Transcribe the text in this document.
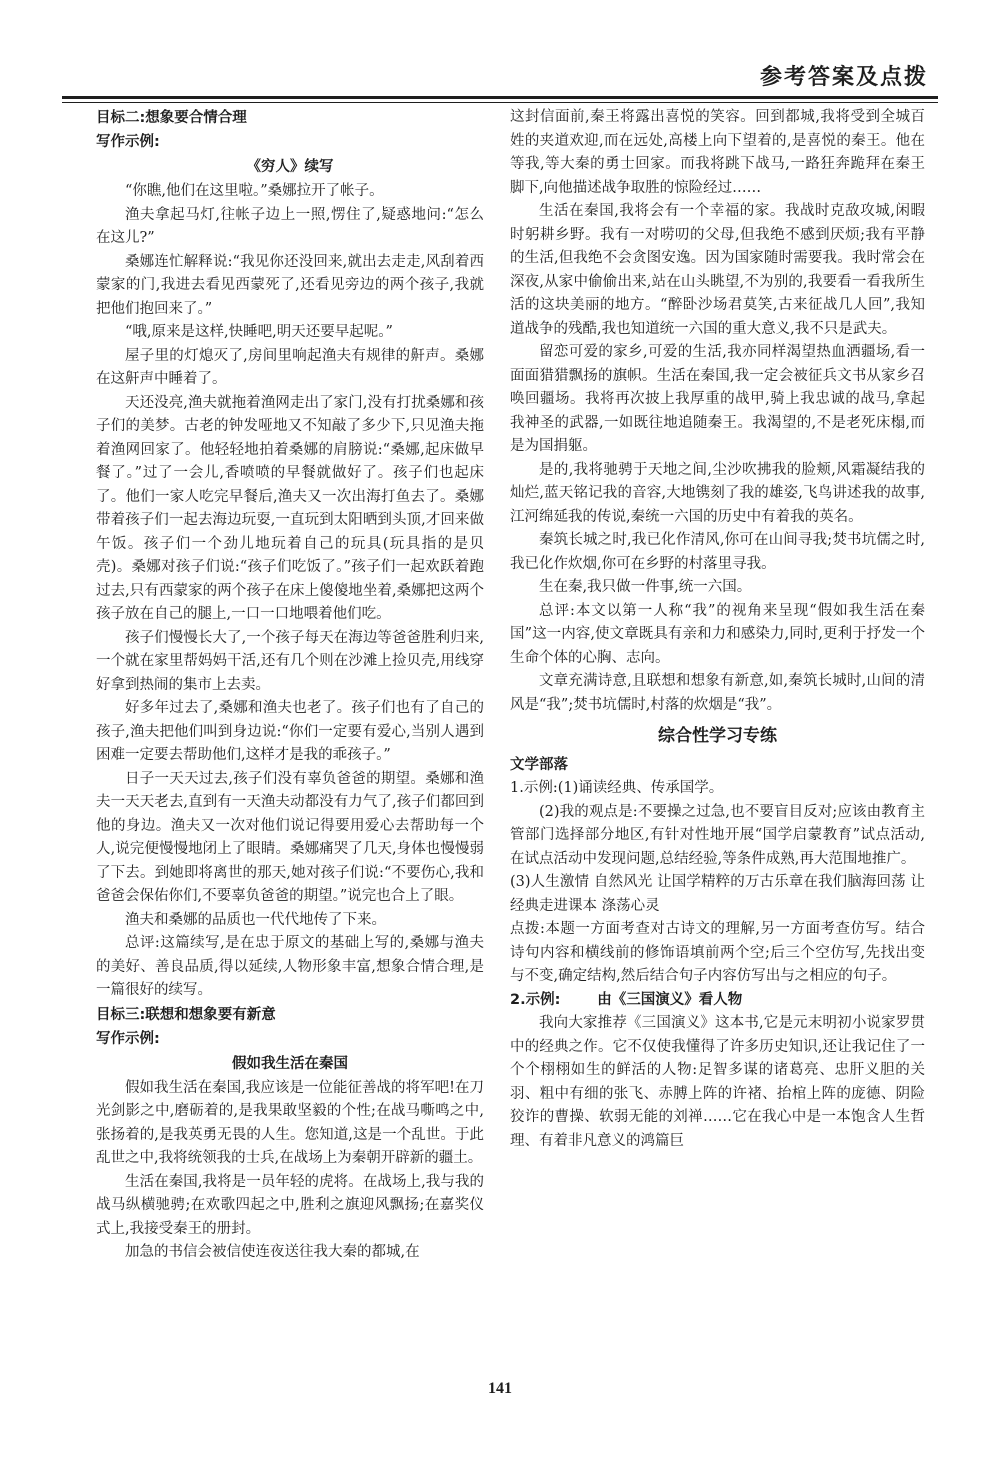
参考答案及点拨

目标二:想象要合情合理

写作示例:

《穷人》续写

“你瞧,他们在这里啦。”桑娜拉开了帐子。

渔夫拿起马灯,往帐子边上一照,愣住了,疑惑地问:“怎么在这儿?”

桑娜连忙解释说:“我见你还没回来,就出去走走,风刮着西蒙家的门,我进去看见西蒙死了,还看见旁边的两个孩子,我就把他们抱回来了。”

“哦,原来是这样,快睡吧,明天还要早起呢。”

屋子里的灯熄灭了,房间里响起渔夫有规律的鼾声。桑娜在这鼾声中睡着了。

天还没亮,渔夫就拖着渔网走出了家门,没有打扰桑娜和孩子们的美梦。古老的钟发哑地又不知敲了多少下,只见渔夫拖着渔网回家了。他轻轻地拍着桑娜的肩膀说:“桑娜,起床做早餐了。”过了一会儿,香喷喷的早餐就做好了。孩子们也起床了。他们一家人吃完早餐后,渔夫又一次出海打鱼去了。桑娜带着孩子们一起去海边玩耍,一直玩到太阳晒到头顶,才回来做午饭。孩子们一个劲儿地玩着自己的玩具(玩具指的是贝壳)。桑娜对孩子们说:“孩子们吃饭了。”孩子们一起欢跃着跑过去,只有西蒙家的两个孩子在床上傻傻地坐着,桑娜把这两个孩子放在自己的腿上,一口一口地喂着他们吃。

孩子们慢慢长大了,一个孩子每天在海边等爸爸胜利归来,一个就在家里帮妈妈干活,还有几个则在沙滩上捡贝壳,用线穿好拿到热闹的集市上去卖。

好多年过去了,桑娜和渔夫也老了。孩子们也有了自己的孩子,渔夫把他们叫到身边说:“你们一定要有爱心,当别人遇到困难一定要去帮助他们,这样才是我的乖孩子。”

日子一天天过去,孩子们没有辜负爸爸的期望。桑娜和渔夫一天天老去,直到有一天渔夫动都没有力气了,孩子们都回到他的身边。渔夫又一次对他们说记得要用爱心去帮助每一个人,说完便慢慢地闭上了眼睛。桑娜痛哭了几天,身体也慢慢弱了下去。到她即将离世的那天,她对孩子们说:“不要伤心,我和爸爸会保佑你们,不要辜负爸爸的期望。”说完也合上了眼。

渔夫和桑娜的品质也一代代地传了下来。

总评:这篇续写,是在忠于原文的基础上写的,桑娜与渔夫的美好、善良品质,得以延续,人物形象丰富,想象合情合理,是一篇很好的续写。

目标三:联想和想象要有新意

写作示例:

假如我生活在秦国

假如我生活在秦国,我应该是一位能征善战的将军吧!在刀光剑影之中,磨砺着的,是我果敢坚毅的个性;在战马嘶鸣之中,张扬着的,是我英勇无畏的人生。您知道,这是一个乱世。于此乱世之中,我将统领我的士兵,在战场上为秦朝开辟新的疆土。

生活在秦国,我将是一员年轻的虎将。在战场上,我与我的战马纵横驰骋;在欢歌四起之中,胜利之旗迎风飘扬;在嘉奖仪式上,我接受秦王的册封。

加急的书信会被信使连夜送往我大秦的都城,在

这封信面前,秦王将露出喜悦的笑容。回到都城,我将受到全城百姓的夹道欢迎,而在远处,高楼上向下望着的,是喜悦的秦王。他在等我,等大秦的勇士回家。而我将跳下战马,一路狂奔跪拜在秦王脚下,向他描述战争取胜的惊险经过……

生活在秦国,我将会有一个幸福的家。我战时克敌攻城,闲暇时躬耕乡野。我有一对唠叨的父母,但我绝不感到厌烦;我有平静的生活,但我绝不会贪图安逸。因为国家随时需要我。我时常会在深夜,从家中偷偷出来,站在山头眺望,不为别的,我要看一看我所生活的这块美丽的地方。“醉卧沙场君莫笑,古来征战几人回”,我知道战争的残酷,我也知道统一六国的重大意义,我不只是武夫。

留恋可爱的家乡,可爱的生活,我亦同样渴望热血洒疆场,看一面面猎猎飘扬的旗帜。生活在秦国,我一定会被征兵文书从家乡召唤回疆场。我将再次披上我厚重的战甲,骑上我忠诚的战马,拿起我神圣的武器,一如既往地追随秦王。我渴望的,不是老死床榻,而是为国捐躯。

是的,我将驰骋于天地之间,尘沙吹拂我的脸颊,风霜凝结我的灿烂,蓝天铭记我的音容,大地镌刻了我的雄姿,飞鸟讲述我的故事,江河绵延我的传说,秦统一六国的历史中有着我的英名。

秦筑长城之时,我已化作清风,你可在山间寻我;焚书坑儒之时,我已化作炊烟,你可在乡野的村落里寻我。

生在秦,我只做一件事,统一六国。

总评:本文以第一人称“我”的视角来呈现“假如我生活在秦国”这一内容,使文章既具有亲和力和感染力,同时,更利于抒发一个生命个体的心胸、志向。

文章充满诗意,且联想和想象有新意,如,秦筑长城时,山间的清风是“我”;焚书坑儒时,村落的炊烟是“我”。

综合性学习专练

文学部落

1.示例:(1)诵读经典、传承国学。

(2)我的观点是:不要操之过急,也不要盲目反对;应该由教育主管部门选择部分地区,有针对性地开展“国学启蒙教育”试点活动,在试点活动中发现问题,总结经验,等条件成熟,再大范围地推广。

(3)人生激情 自然风光 让国学精粹的万古乐章在我们脑海回荡 让经典走进课本 涤荡心灵

点拨:本题一方面考查对古诗文的理解,另一方面考查仿写。结合诗句内容和横线前的修饰语填前两个空;后三个空仿写,先找出变与不变,确定结构,然后结合句子内容仿写出与之相应的句子。

2.示例:	由《三国演义》看人物

我向大家推荐《三国演义》这本书,它是元末明初小说家罗贯中的经典之作。它不仅使我懂得了许多历史知识,还让我记住了一个个栩栩如生的鲜活的人物:足智多谋的诸葛亮、忠肝义胆的关羽、粗中有细的张飞、赤膊上阵的许褚、抬棺上阵的庞德、阴险狡诈的曹操、软弱无能的刘禅……它在我心中是一本饱含人生哲理、有着非凡意义的鸿篇巨

141
